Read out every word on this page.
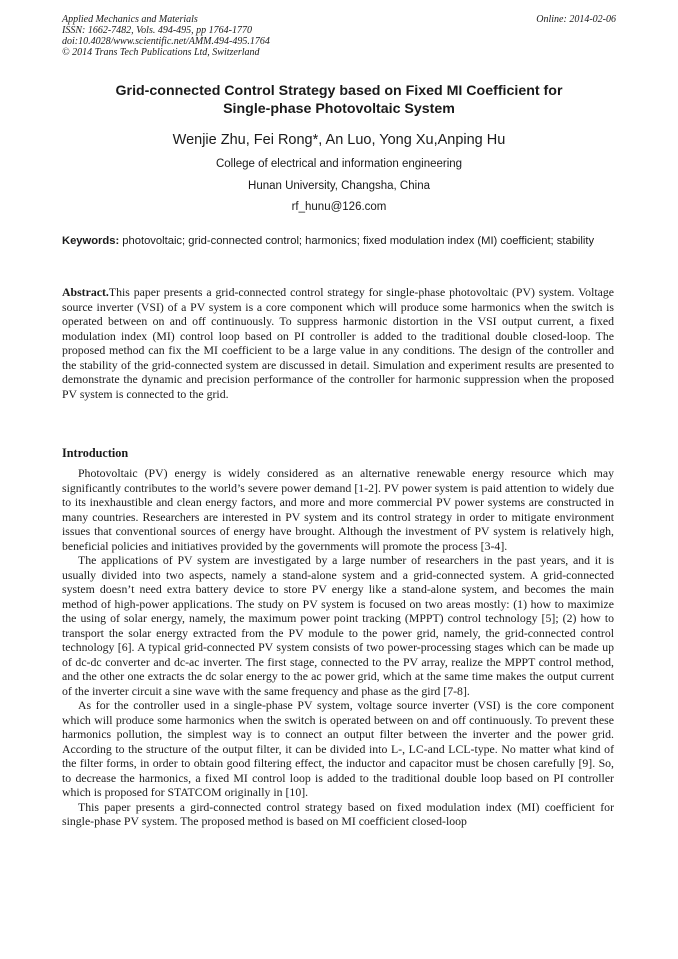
Applied Mechanics and Materials
ISSN: 1662-7482, Vols. 494-495, pp 1764-1770
doi:10.4028/www.scientific.net/AMM.494-495.1764
© 2014 Trans Tech Publications Ltd, Switzerland
Online: 2014-02-06
Grid-connected Control Strategy based on Fixed MI Coefficient for
Single-phase Photovoltaic System
Wenjie Zhu, Fei Rong*, An Luo, Yong Xu,Anping Hu
College of electrical and information engineering
Hunan University, Changsha, China
rf_hunu@126.com
Keywords: photovoltaic; grid-connected control; harmonics; fixed modulation index (MI) coefficient; stability

Abstract.This paper presents a grid-connected control strategy for single-phase photovoltaic (PV) system. Voltage source inverter (VSI) of a PV system is a core component which will produce some harmonics when the switch is operated between on and off continuously. To suppress harmonic distortion in the VSI output current, a fixed modulation index (MI) control loop based on PI controller is added to the traditional double closed-loop. The proposed method can fix the MI coefficient to be a large value in any conditions. The design of the controller and the stability of the grid-connected system are discussed in detail. Simulation and experiment results are presented to demonstrate the dynamic and precision performance of the controller for harmonic suppression when the proposed PV system is connected to the grid.

Introduction

Photovoltaic (PV) energy is widely considered as an alternative renewable energy resource which may significantly contributes to the world’s severe power demand [1-2]. PV power system is paid attention to widely due to its inexhaustible and clean energy factors, and more and more commercial PV power systems are constructed in many countries. Researchers are interested in PV system and its control strategy in order to mitigate environment issues that conventional sources of energy have brought. Although the investment of PV system is relatively high, beneficial policies and initiatives provided by the governments will promote the process [3-4].

The applications of PV system are investigated by a large number of researchers in the past years, and it is usually divided into two aspects, namely a stand-alone system and a grid-connected system. A grid-connected system doesn’t need extra battery device to store PV energy like a stand-alone system, and becomes the main method of high-power applications. The study on PV system is focused on two areas mostly: (1) how to maximize the using of solar energy, namely, the maximum power point tracking (MPPT) control technology [5]; (2) how to transport the solar energy extracted from the PV module to the power grid, namely, the grid-connected control technology [6]. A typical grid-connected PV system consists of two power-processing stages which can be made up of dc-dc converter and dc-ac inverter. The first stage, connected to the PV array, realize the MPPT control method, and the other one extracts the dc solar energy to the ac power grid, which at the same time makes the output current of the inverter circuit a sine wave with the same frequency and phase as the gird [7-8].

As for the controller used in a single-phase PV system, voltage source inverter (VSI) is the core component which will produce some harmonics when the switch is operated between on and off continuously. To prevent these harmonics pollution, the simplest way is to connect an output filter between the inverter and the power grid. According to the structure of the output filter, it can be divided into L-, LC-and LCL-type. No matter what kind of the filter forms, in order to obtain good filtering effect, the inductor and capacitor must be chosen carefully [9]. So, to decrease the harmonics, a fixed MI control loop is added to the traditional double loop based on PI controller which is proposed for STATCOM originally in [10].

This paper presents a gird-connected control strategy based on fixed modulation index (MI) coefficient for single-phase PV system. The proposed method is based on MI coefficient closed-loop
